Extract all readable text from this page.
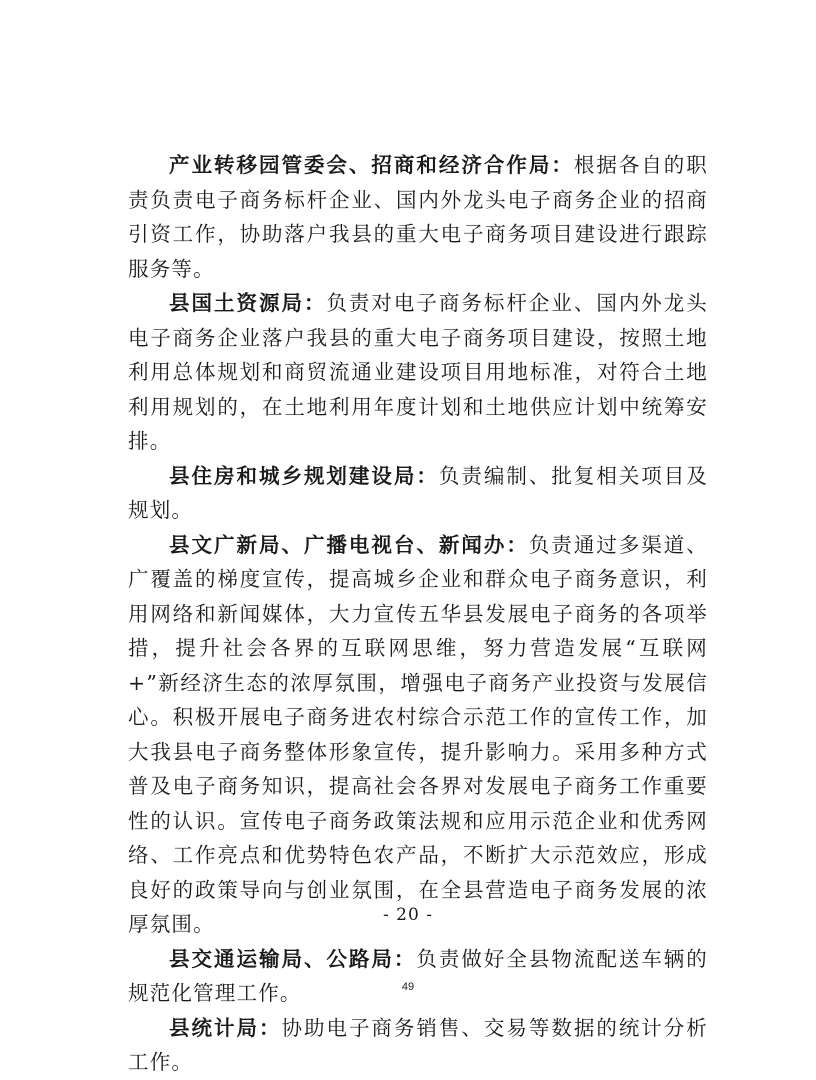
产业转移园管委会、招商和经济合作局：根据各自的职责负责电子商务标杆企业、国内外龙头电子商务企业的招商引资工作，协助落户我县的重大电子商务项目建设进行跟踪服务等。

县国土资源局：负责对电子商务标杆企业、国内外龙头电子商务企业落户我县的重大电子商务项目建设，按照土地利用总体规划和商贸流通业建设项目用地标准，对符合土地利用规划的，在土地利用年度计划和土地供应计划中统筹安排。

县住房和城乡规划建设局：负责编制、批复相关项目及规划。

县文广新局、广播电视台、新闻办：负责通过多渠道、广覆盖的梯度宣传，提高城乡企业和群众电子商务意识，利用网络和新闻媒体，大力宣传五华县发展电子商务的各项举措，提升社会各界的互联网思维，努力营造发展“互联网+”新经济生态的浓厚氛围，增强电子商务产业投资与发展信心。积极开展电子商务进农村综合示范工作的宣传工作，加大我县电子商务整体形象宣传，提升影响力。采用多种方式普及电子商务知识，提高社会各界对发展电子商务工作重要性的认识。宣传电子商务政策法规和应用示范企业和优秀网络、工作亮点和优势特色农产品，不断扩大示范效应，形成良好的政策导向与创业氛围，在全县营造电子商务发展的浓厚氛围。

县交通运输局、公路局：负责做好全县物流配送车辆的规范化管理工作。

县统计局：协助电子商务销售、交易等数据的统计分析工作。

- 20 -
49
